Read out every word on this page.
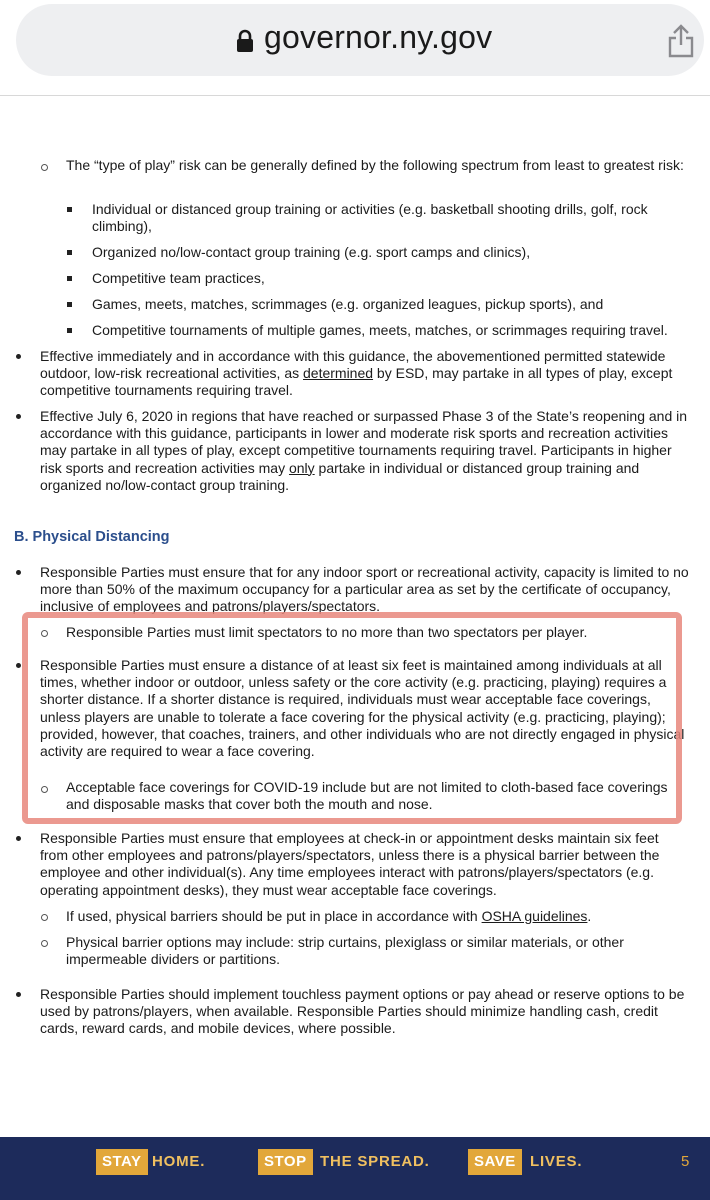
governor.ny.gov
The “type of play” risk can be generally defined by the following spectrum from least to greatest risk:
Individual or distanced group training or activities (e.g. basketball shooting drills, golf, rock climbing),
Organized no/low-contact group training (e.g. sport camps and clinics),
Competitive team practices,
Games, meets, matches, scrimmages (e.g. organized leagues, pickup sports), and
Competitive tournaments of multiple games, meets, matches, or scrimmages requiring travel.
Effective immediately and in accordance with this guidance, the abovementioned permitted statewide outdoor, low-risk recreational activities, as determined by ESD, may partake in all types of play, except competitive tournaments requiring travel.
Effective July 6, 2020 in regions that have reached or surpassed Phase 3 of the State’s reopening and in accordance with this guidance, participants in lower and moderate risk sports and recreation activities may partake in all types of play, except competitive tournaments requiring travel. Participants in higher risk sports and recreation activities may only partake in individual or distanced group training and organized no/low-contact group training.
B. Physical Distancing
Responsible Parties must ensure that for any indoor sport or recreational activity, capacity is limited to no more than 50% of the maximum occupancy for a particular area as set by the certificate of occupancy, inclusive of employees and patrons/players/spectators.
Responsible Parties must limit spectators to no more than two spectators per player.
Responsible Parties must ensure a distance of at least six feet is maintained among individuals at all times, whether indoor or outdoor, unless safety or the core activity (e.g. practicing, playing) requires a shorter distance. If a shorter distance is required, individuals must wear acceptable face coverings, unless players are unable to tolerate a face covering for the physical activity (e.g. practicing, playing); provided, however, that coaches, trainers, and other individuals who are not directly engaged in physical activity are required to wear a face covering.
Acceptable face coverings for COVID-19 include but are not limited to cloth-based face coverings and disposable masks that cover both the mouth and nose.
Responsible Parties must ensure that employees at check-in or appointment desks maintain six feet from other employees and patrons/players/spectators, unless there is a physical barrier between the employee and other individual(s). Any time employees interact with patrons/players/spectators (e.g. operating appointment desks), they must wear acceptable face coverings.
If used, physical barriers should be put in place in accordance with OSHA guidelines.
Physical barrier options may include: strip curtains, plexiglass or similar materials, or other impermeable dividers or partitions.
Responsible Parties should implement touchless payment options or pay ahead or reserve options to be used by patrons/players, when available. Responsible Parties should minimize handling cash, credit cards, reward cards, and mobile devices, where possible.
STAY HOME.	STOP THE SPREAD.	SAVE LIVES.	5
